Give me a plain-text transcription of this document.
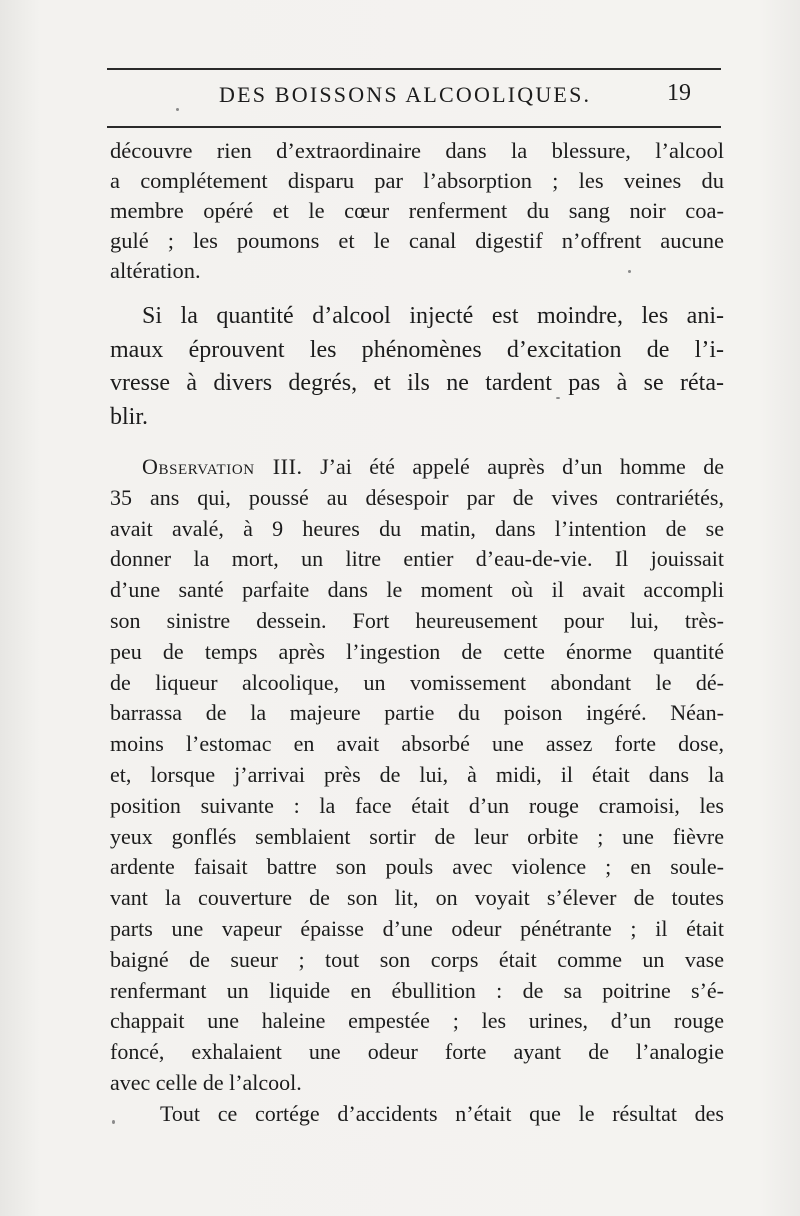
DES BOISSONS ALCOOLIQUES.	19
découvre rien d’extraordinaire dans la blessure, l’alcool
a complétement disparu par l’absorption ; les veines du
membre opéré et le cœur renferment du sang noir coa-
gulé ; les poumons et le canal digestif n’offrent aucune
altération.
Si la quantité d’alcool injecté est moindre, les ani-
maux éprouvent les phénomènes d’excitation de l’i-
vresse à divers degrés, et ils ne tardent pas à se réta-
blir.
Observation III. J’ai été appelé auprès d’un homme de
35 ans qui, poussé au désespoir par de vives contrariétés,
avait avalé, à 9 heures du matin, dans l’intention de se
donner la mort, un litre entier d’eau-de-vie. Il jouissait
d’une santé parfaite dans le moment où il avait accompli
son sinistre dessein. Fort heureusement pour lui, très-
peu de temps après l’ingestion de cette énorme quantité
de liqueur alcoolique, un vomissement abondant le dé-
barrassa de la majeure partie du poison ingéré. Néan-
moins l’estomac en avait absorbé une assez forte dose,
et, lorsque j’arrivai près de lui, à midi, il était dans la
position suivante : la face était d’un rouge cramoisi, les
yeux gonflés semblaient sortir de leur orbite ; une fièvre
ardente faisait battre son pouls avec violence ; en soule-
vant la couverture de son lit, on voyait s’élever de toutes
parts une vapeur épaisse d’une odeur pénétrante ; il était
baigné de sueur ; tout son corps était comme un vase
renfermant un liquide en ébullition : de sa poitrine s’é-
chappait une haleine empestée ; les urines, d’un rouge
foncé, exhalaient une odeur forte ayant de l’analogie
avec celle de l’alcool.
Tout ce cortége d’accidents n’était que le résultat des
